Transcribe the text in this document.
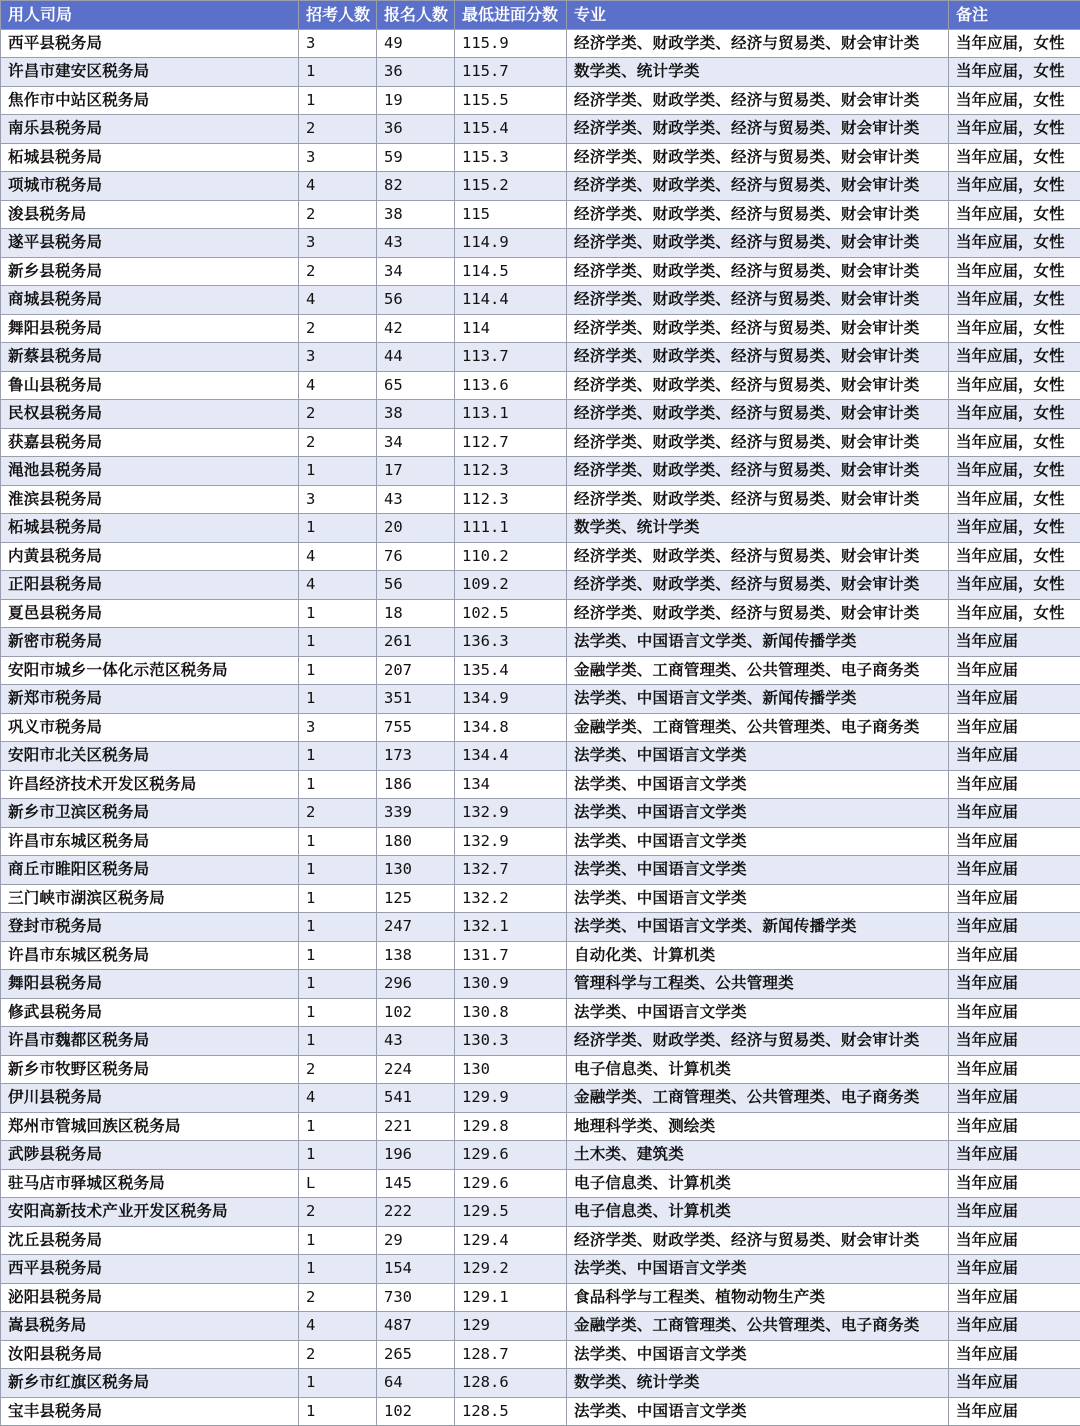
用人司局	招考人数	报名人数	最低进面分数	专业	备注
西平县税务局	3	49	115.9	经济学类、财政学类、经济与贸易类、财会审计类	当年应届，女性
许昌市建安区税务局	1	36	115.7	数学类、统计学类	当年应届，女性
焦作市中站区税务局	1	19	115.5	经济学类、财政学类、经济与贸易类、财会审计类	当年应届，女性
南乐县税务局	2	36	115.4	经济学类、财政学类、经济与贸易类、财会审计类	当年应届，女性
柘城县税务局	3	59	115.3	经济学类、财政学类、经济与贸易类、财会审计类	当年应届，女性
项城市税务局	4	82	115.2	经济学类、财政学类、经济与贸易类、财会审计类	当年应届，女性
浚县税务局	2	38	115	经济学类、财政学类、经济与贸易类、财会审计类	当年应届，女性
遂平县税务局	3	43	114.9	经济学类、财政学类、经济与贸易类、财会审计类	当年应届，女性
新乡县税务局	2	34	114.5	经济学类、财政学类、经济与贸易类、财会审计类	当年应届，女性
商城县税务局	4	56	114.4	经济学类、财政学类、经济与贸易类、财会审计类	当年应届，女性
舞阳县税务局	2	42	114	经济学类、财政学类、经济与贸易类、财会审计类	当年应届，女性
新蔡县税务局	3	44	113.7	经济学类、财政学类、经济与贸易类、财会审计类	当年应届，女性
鲁山县税务局	4	65	113.6	经济学类、财政学类、经济与贸易类、财会审计类	当年应届，女性
民权县税务局	2	38	113.1	经济学类、财政学类、经济与贸易类、财会审计类	当年应届，女性
获嘉县税务局	2	34	112.7	经济学类、财政学类、经济与贸易类、财会审计类	当年应届，女性
渑池县税务局	1	17	112.3	经济学类、财政学类、经济与贸易类、财会审计类	当年应届，女性
淮滨县税务局	3	43	112.3	经济学类、财政学类、经济与贸易类、财会审计类	当年应届，女性
柘城县税务局	1	20	111.1	数学类、统计学类	当年应届，女性
内黄县税务局	4	76	110.2	经济学类、财政学类、经济与贸易类、财会审计类	当年应届，女性
正阳县税务局	4	56	109.2	经济学类、财政学类、经济与贸易类、财会审计类	当年应届，女性
夏邑县税务局	1	18	102.5	经济学类、财政学类、经济与贸易类、财会审计类	当年应届，女性
新密市税务局	1	261	136.3	法学类、中国语言文学类、新闻传播学类	当年应届
安阳市城乡一体化示范区税务局	1	207	135.4	金融学类、工商管理类、公共管理类、电子商务类	当年应届
新郑市税务局	1	351	134.9	法学类、中国语言文学类、新闻传播学类	当年应届
巩义市税务局	3	755	134.8	金融学类、工商管理类、公共管理类、电子商务类	当年应届
安阳市北关区税务局	1	173	134.4	法学类、中国语言文学类	当年应届
许昌经济技术开发区税务局	1	186	134	法学类、中国语言文学类	当年应届
新乡市卫滨区税务局	2	339	132.9	法学类、中国语言文学类	当年应届
许昌市东城区税务局	1	180	132.9	法学类、中国语言文学类	当年应届
商丘市睢阳区税务局	1	130	132.7	法学类、中国语言文学类	当年应届
三门峡市湖滨区税务局	1	125	132.2	法学类、中国语言文学类	当年应届
登封市税务局	1	247	132.1	法学类、中国语言文学类、新闻传播学类	当年应届
许昌市东城区税务局	1	138	131.7	自动化类、计算机类	当年应届
舞阳县税务局	1	296	130.9	管理科学与工程类、公共管理类	当年应届
修武县税务局	1	102	130.8	法学类、中国语言文学类	当年应届
许昌市魏都区税务局	1	43	130.3	经济学类、财政学类、经济与贸易类、财会审计类	当年应届
新乡市牧野区税务局	2	224	130	电子信息类、计算机类	当年应届
伊川县税务局	4	541	129.9	金融学类、工商管理类、公共管理类、电子商务类	当年应届
郑州市管城回族区税务局	1	221	129.8	地理科学类、测绘类	当年应届
武陟县税务局	1	196	129.6	土木类、建筑类	当年应届
驻马店市驿城区税务局	L	145	129.6	电子信息类、计算机类	当年应届
安阳高新技术产业开发区税务局	2	222	129.5	电子信息类、计算机类	当年应届
沈丘县税务局	1	29	129.4	经济学类、财政学类、经济与贸易类、财会审计类	当年应届
西平县税务局	1	154	129.2	法学类、中国语言文学类	当年应届
泌阳县税务局	2	730	129.1	食品科学与工程类、植物动物生产类	当年应届
嵩县税务局	4	487	129	金融学类、工商管理类、公共管理类、电子商务类	当年应届
汝阳县税务局	2	265	128.7	法学类、中国语言文学类	当年应届
新乡市红旗区税务局	1	64	128.6	数学类、统计学类	当年应届
宝丰县税务局	1	102	128.5	法学类、中国语言文学类	当年应届
